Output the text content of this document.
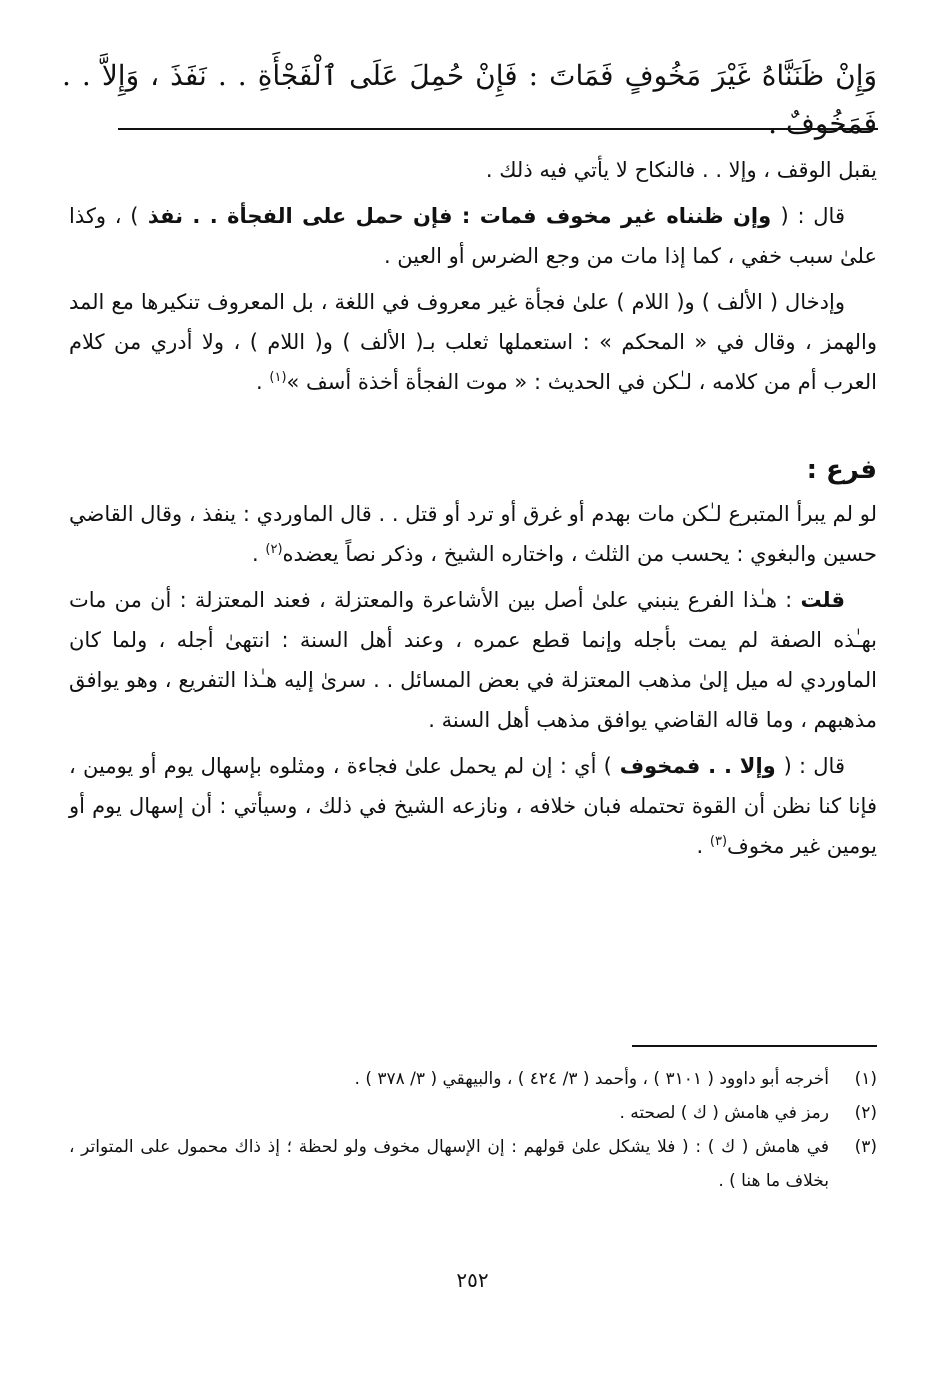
وَإِنْ ظَنَنَّاهُ غَيْرَ مَخُوفٍ فَمَاتَ : فَإِنْ حُمِلَ عَلَى ٱلْفَجْأَةِ . . نَفَذَ ، وَإِلاَّ . . فَمَخُوفٌ .

يقبل الوقف ، وإلا . . فالنكاح لا يأتي فيه ذلك .

قال : ( وإن ظنناه غير مخوف فمات : فإن حمل على الفجأة . . نفذ ) ، وكذا علىٰ سبب خفي ، كما إذا مات من وجع الضرس أو العين .

وإدخال ( الألف ) و( اللام ) علىٰ فجأة غير معروف في اللغة ، بل المعروف تنكيرها مع المد والهمز ، وقال في « المحكم » : استعملها ثعلب بـ( الألف ) و( اللام ) ، ولا أدري من كلام العرب أم من كلامه ، لـٰكن في الحديث : « موت الفجأة أخذة أسف »$^{(١)}$ .

فرع :

لو لم يبرأ المتبرع لـٰكن مات بهدم أو غرق أو ترد أو قتل . . قال الماوردي : ينفذ ، وقال القاضي حسين والبغوي : يحسب من الثلث ، واختاره الشيخ ، وذكر نصاً يعضده$^{(٢)}$ .

قلت : هـٰذا الفرع ينبني علىٰ أصل بين الأشاعرة والمعتزلة ، فعند المعتزلة : أن من مات بهـٰذه الصفة لم يمت بأجله وإنما قطع عمره ، وعند أهل السنة : انتهىٰ أجله ، ولما كان الماوردي له ميل إلىٰ مذهب المعتزلة في بعض المسائل . . سرىٰ إليه هـٰذا التفريع ، وهو يوافق مذهبهم ، وما قاله القاضي يوافق مذهب أهل السنة .

قال : ( وإلا . . فمخوف ) أي : إن لم يحمل علىٰ فجاءة ، ومثلوه بإسهال يوم أو يومين ، فإنا كنا نظن أن القوة تحتمله فبان خلافه ، ونازعه الشيخ في ذلك ، وسيأتي : أن إسهال يوم أو يومين غير مخوف$^{(٣)}$ .

(١)
أخرجه أبو داوود ( ٣١٠١ ) ، وأحمد ( ٣/ ٤٢٤ ) ، والبيهقي ( ٣/ ٣٧٨ ) .
(٢)
رمز في هامش ( ك ) لصحته .
(٣)
في هامش ( ك ) : ( فلا يشكل علىٰ قولهم : إن الإسهال مخوف ولو لحظة ؛ إذ ذاك محمول على المتواتر ، بخلاف ما هنا ) .
٢٥٢
